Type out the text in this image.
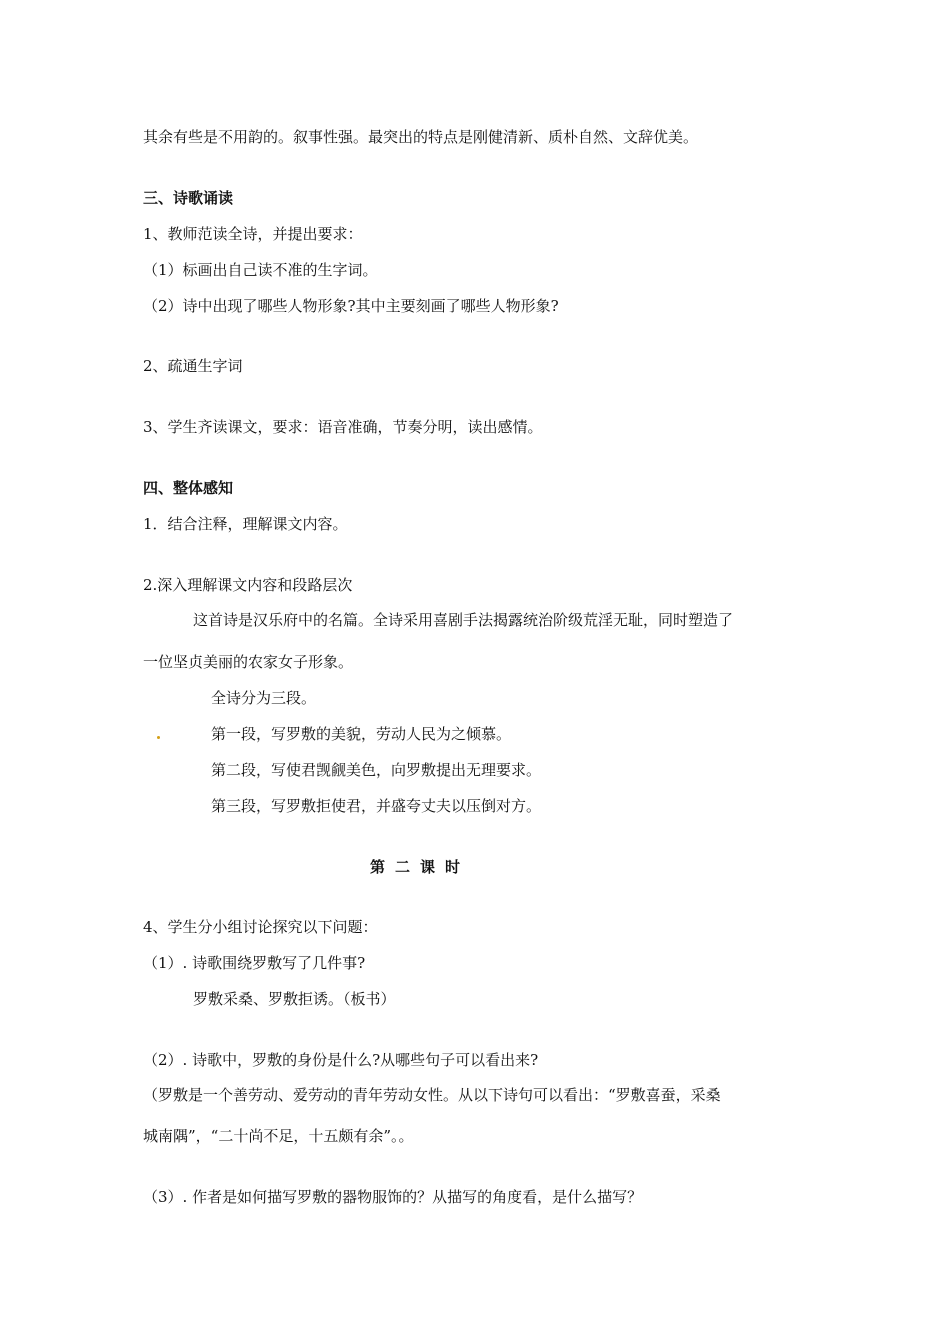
其余有些是不用韵的。叙事性强。最突出的特点是刚健清新、质朴自然、文辞优美。

三、诗歌诵读

1、教师范读全诗，并提出要求：

（1）标画出自己读不准的生字词。

（2）诗中出现了哪些人物形象?其中主要刻画了哪些人物形象?

2、疏通生字词

3、学生齐读课文，要求：语音准确，节奏分明，读出感情。

四、整体感知

1．结合注释，理解课文内容。

2.深入理解课文内容和段路层次

这首诗是汉乐府中的名篇。全诗采用喜剧手法揭露统治阶级荒淫无耻，同时塑造了

一位坚贞美丽的农家女子形象。

全诗分为三段。

第一段，写罗敷的美貌，劳动人民为之倾慕。

第二段，写使君觊觎美色，向罗敷提出无理要求。

第三段，写罗敷拒使君，并盛夸丈夫以压倒对方。

第二课时

4、学生分小组讨论探究以下问题：

（1）. 诗歌围绕罗敷写了几件事?

罗敷采桑、罗敷拒诱。（板书）

（2）. 诗歌中，罗敷的身份是什么?从哪些句子可以看出来?

（罗敷是一个善劳动、爱劳动的青年劳动女性。从以下诗句可以看出：“罗敷喜蚕，采桑

城南隅”，“二十尚不足，十五颇有余”。。

（3）. 作者是如何描写罗敷的器物服饰的？从描写的角度看，是什么描写？
